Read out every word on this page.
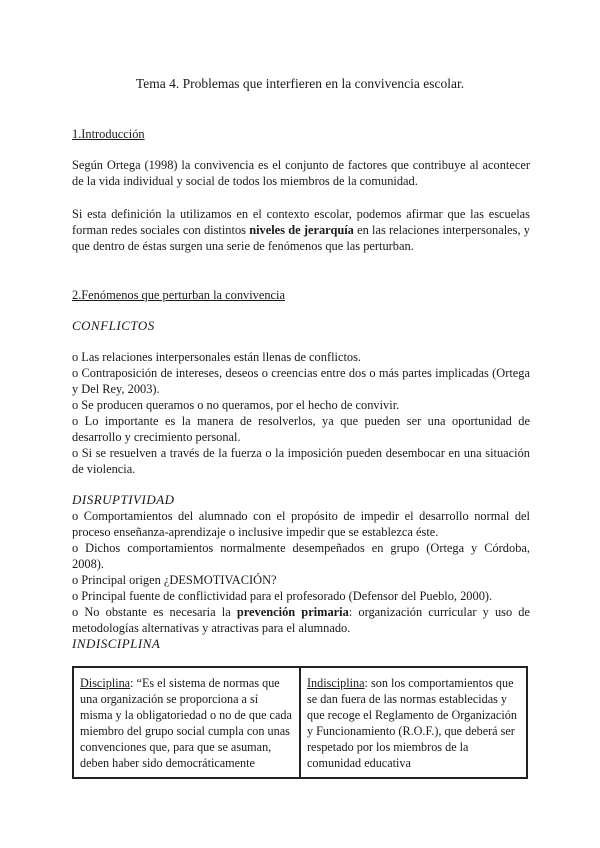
Tema 4. Problemas que interfieren en la convivencia escolar.
1.Introducción
Según Ortega (1998) la convivencia es el conjunto de factores que contribuye al acontecer de la vida individual y social de todos los miembros de la comunidad.
Si esta definición la utilizamos en el contexto escolar, podemos afirmar que las escuelas forman redes sociales con distintos niveles de jerarquía en las relaciones interpersonales, y que dentro de éstas surgen una serie de fenómenos que las perturban.
2.Fenómenos que perturban la convivencia
CONFLICTOS
o Las relaciones interpersonales están llenas de conflictos.
o Contraposición de intereses, deseos o creencias entre dos o más partes implicadas (Ortega y Del Rey, 2003).
o Se producen queramos o no queramos, por el hecho de convivir.
o Lo importante es la manera de resolverlos, ya que pueden ser una oportunidad de desarrollo y crecimiento personal.
o Si se resuelven a través de la fuerza o la imposición pueden desembocar en una situación de violencia.
DISRUPTIVIDAD
o Comportamientos del alumnado con el propósito de impedir el desarrollo normal del proceso enseñanza-aprendizaje o inclusive impedir que se establezca éste.
o Dichos comportamientos normalmente desempeñados en grupo (Ortega y Córdoba, 2008).
o Principal origen ¿DESMOTIVACIÓN?
o Principal fuente de conflictividad para el profesorado (Defensor del Pueblo, 2000).
o No obstante es necesaria la prevención primaria: organización curricular y uso de metodologías alternativas y atractivas para el alumnado.
INDISCIPLINA
Disciplina: “Es el sistema de normas que una organización se proporciona a sí misma y la obligatoriedad o no de que cada miembro del grupo social cumpla con unas convenciones que, para que se asuman, deben haber sido democráticamente	Indisciplina: son los comportamientos que se dan fuera de las normas establecidas y que recoge el Reglamento de Organización y Funcionamiento (R.O.F.), que deberá ser respetado por los miembros de la comunidad educativa
